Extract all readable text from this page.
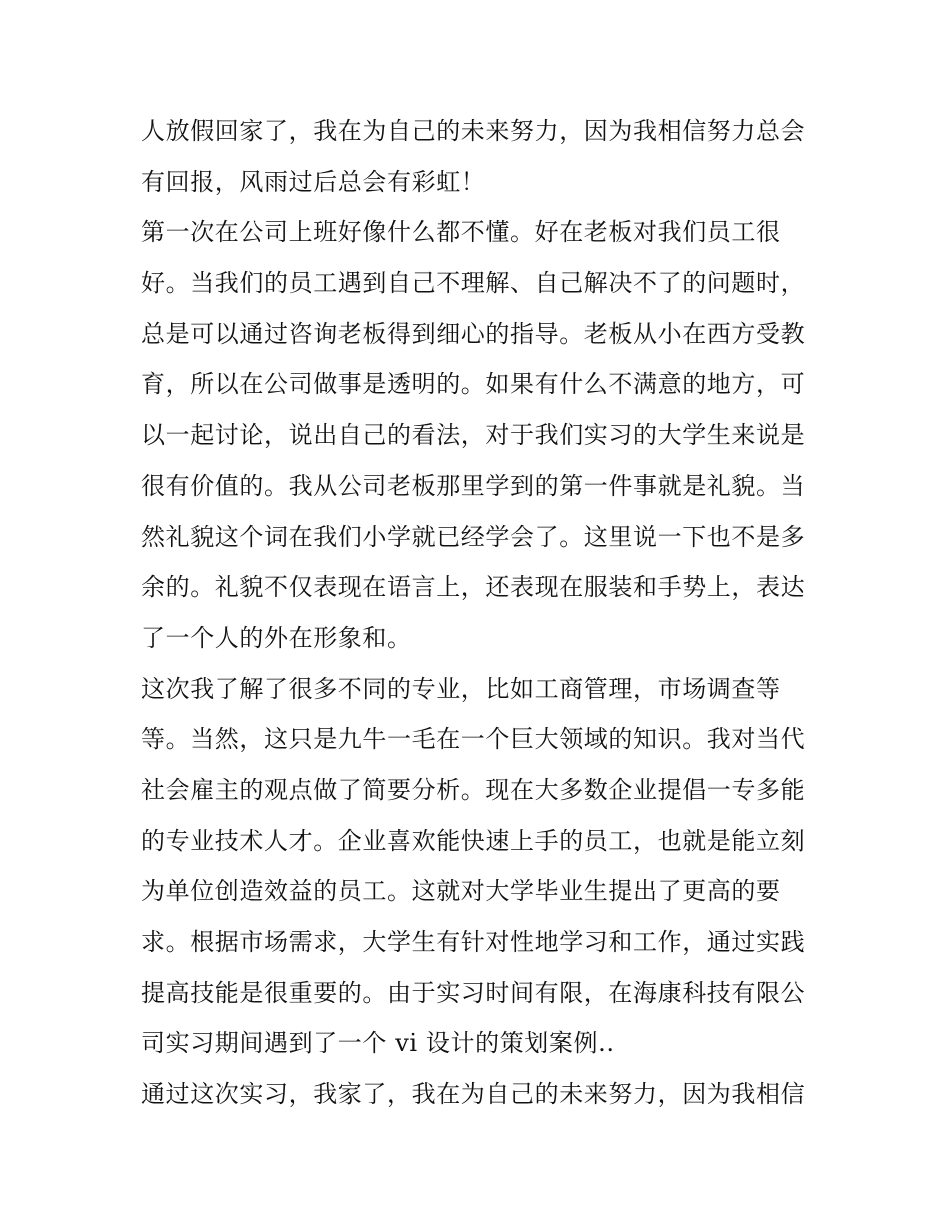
人放假回家了，我在为自己的未来努力，因为我相信努力总会
有回报，风雨过后总会有彩虹！
第一次在公司上班好像什么都不懂。好在老板对我们员工很
好。当我们的员工遇到自己不理解、自己解决不了的问题时，
总是可以通过咨询老板得到细心的指导。老板从小在西方受教
育，所以在公司做事是透明的。如果有什么不满意的地方，可
以一起讨论，说出自己的看法，对于我们实习的大学生来说是
很有价值的。我从公司老板那里学到的第一件事就是礼貌。当
然礼貌这个词在我们小学就已经学会了。这里说一下也不是多
余的。礼貌不仅表现在语言上，还表现在服装和手势上，表达
了一个人的外在形象和。
这次我了解了很多不同的专业，比如工商管理，市场调查等
等。当然，这只是九牛一毛在一个巨大领域的知识。我对当代
社会雇主的观点做了简要分析。现在大多数企业提倡一专多能
的专业技术人才。企业喜欢能快速上手的员工，也就是能立刻
为单位创造效益的员工。这就对大学毕业生提出了更高的要
求。根据市场需求，大学生有针对性地学习和工作，通过实践
提高技能是很重要的。由于实习时间有限，在海康科技有限公
司实习期间遇到了一个 vi 设计的策划案例..
通过这次实习，我家了，我在为自己的未来努力，因为我相信
